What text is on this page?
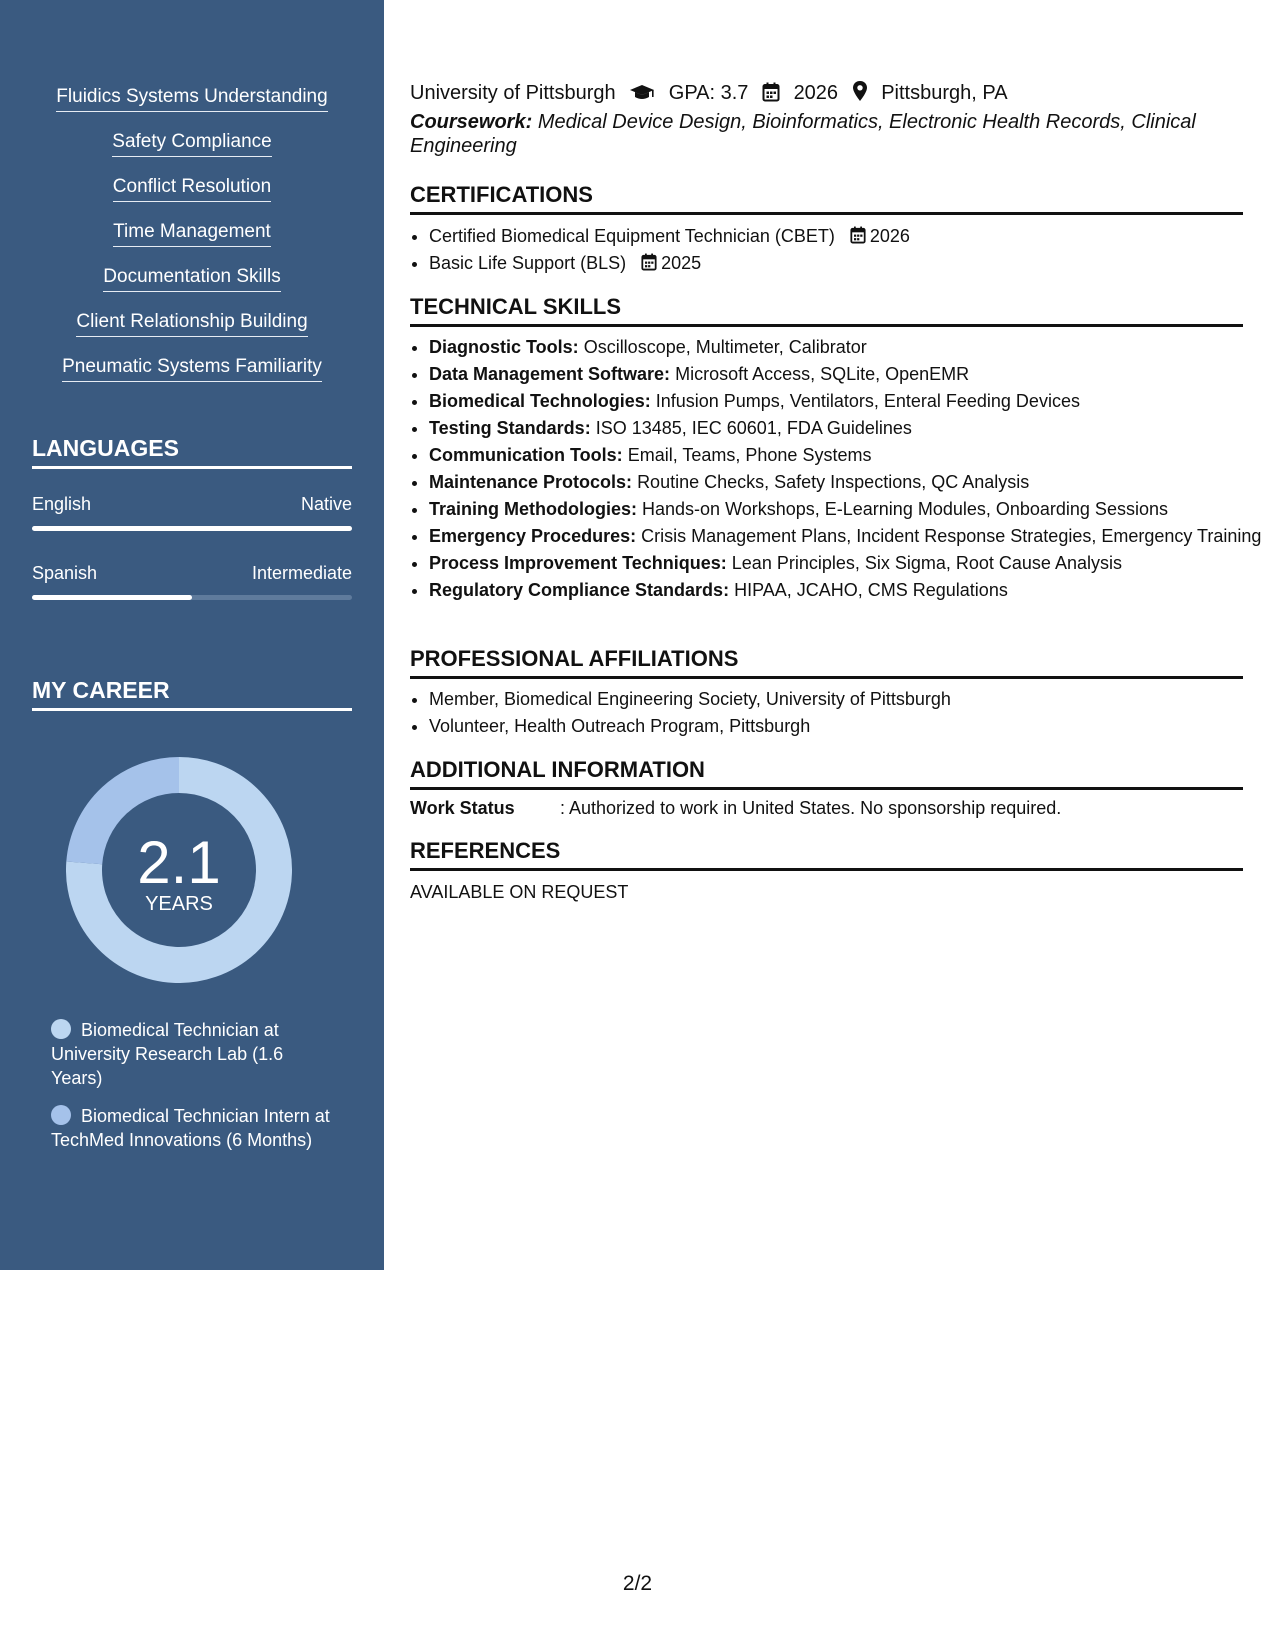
Fluidics Systems Understanding
Safety Compliance
Conflict Resolution
Time Management
Documentation Skills
Client Relationship Building
Pneumatic Systems Familiarity
LANGUAGES
English	Native
Spanish	Intermediate
MY CAREER
2.1
YEARS
Biomedical Technician at University Research Lab (1.6 Years)
Biomedical Technician Intern at TechMed Innovations (6 Months)
University of Pittsburgh	GPA: 3.7 2026 Pittsburgh, PA
Coursework: Medical Device Design, Bioinformatics, Electronic Health Records, Clinical Engineering
CERTIFICATIONS
• Certified Biomedical Equipment Technician (CBET) 2026
• Basic Life Support (BLS) 2025
TECHNICAL SKILLS
• Diagnostic Tools: Oscilloscope, Multimeter, Calibrator
• Data Management Software: Microsoft Access, SQLite, OpenEMR
• Biomedical Technologies: Infusion Pumps, Ventilators, Enteral Feeding Devices
• Testing Standards: ISO 13485, IEC 60601, FDA Guidelines
• Communication Tools: Email, Teams, Phone Systems
• Maintenance Protocols: Routine Checks, Safety Inspections, QC Analysis
• Training Methodologies: Hands-on Workshops, E-Learning Modules, Onboarding Sessions
• Emergency Procedures: Crisis Management Plans, Incident Response Strategies, Emergency Training
• Process Improvement Techniques: Lean Principles, Six Sigma, Root Cause Analysis
• Regulatory Compliance Standards: HIPAA, JCAHO, CMS Regulations
PROFESSIONAL AFFILIATIONS
• Member, Biomedical Engineering Society, University of Pittsburgh
• Volunteer, Health Outreach Program, Pittsburgh
ADDITIONAL INFORMATION
Work Status	: Authorized to work in United States. No sponsorship required.
REFERENCES
AVAILABLE ON REQUEST
2/2
